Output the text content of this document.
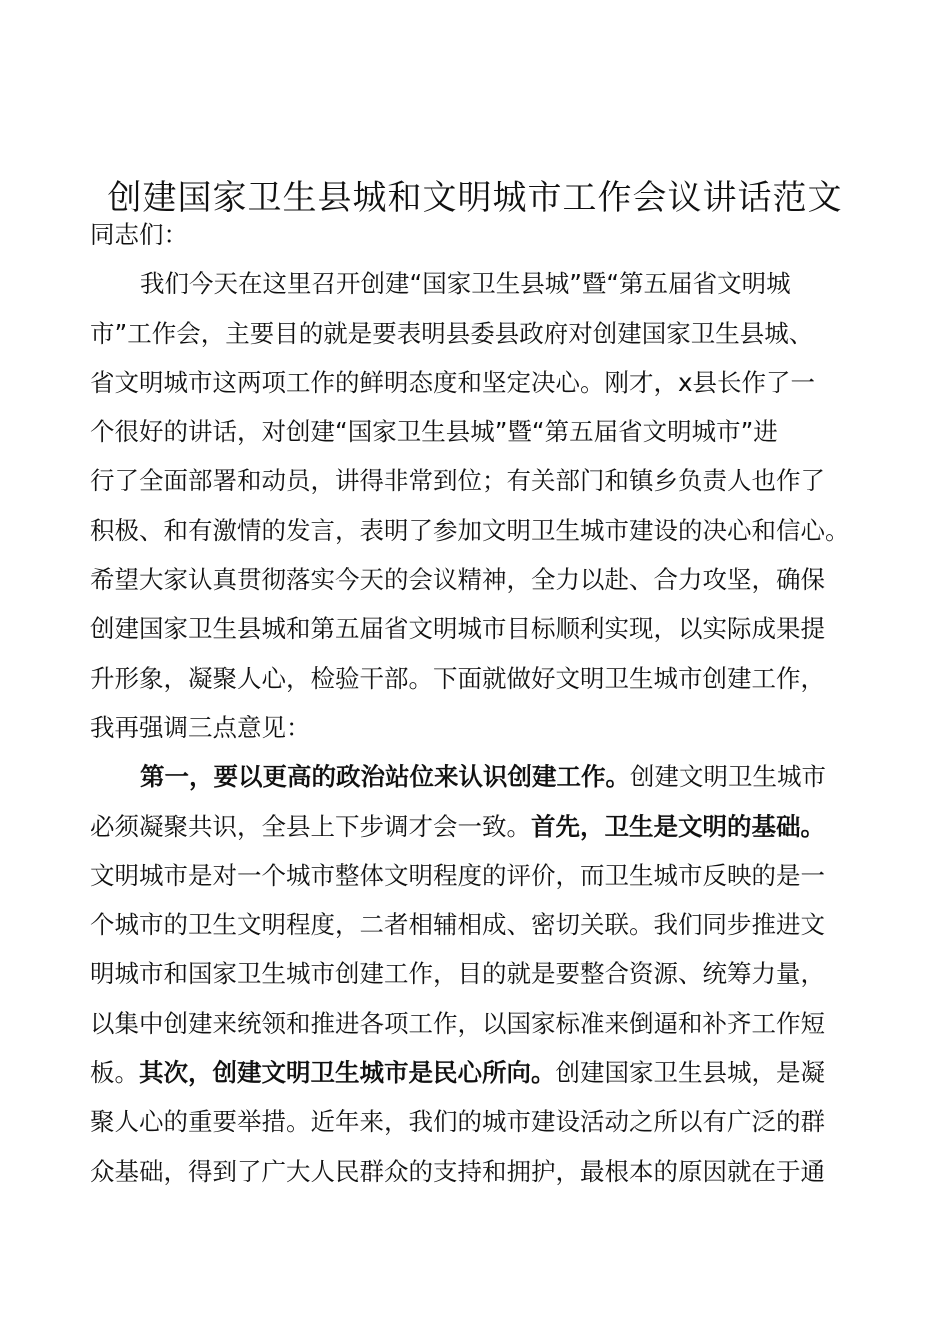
创建国家卫生县城和文明城市工作会议讲话范文
同志们：
我们今天在这里召开创建“国家卫生县城”暨“第五届省文明城
市”工作会，主要目的就是要表明县委县政府对创建国家卫生县城、
省文明城市这两项工作的鲜明态度和坚定决心。刚才，x县长作了一
个很好的讲话，对创建“国家卫生县城”暨“第五届省文明城市”进
行了全面部署和动员，讲得非常到位；有关部门和镇乡负责人也作了
积极、和有激情的发言，表明了参加文明卫生城市建设的决心和信心。
希望大家认真贯彻落实今天的会议精神，全力以赴、合力攻坚，确保
创建国家卫生县城和第五届省文明城市目标顺利实现，以实际成果提
升形象，凝聚人心，检验干部。下面就做好文明卫生城市创建工作，
我再强调三点意见：
第一，要以更高的政治站位来认识创建工作。创建文明卫生城市
必须凝聚共识，全县上下步调才会一致。首先，卫生是文明的基础。
文明城市是对一个城市整体文明程度的评价，而卫生城市反映的是一
个城市的卫生文明程度，二者相辅相成、密切关联。我们同步推进文
明城市和国家卫生城市创建工作，目的就是要整合资源、统筹力量，
以集中创建来统领和推进各项工作，以国家标准来倒逼和补齐工作短
板。其次，创建文明卫生城市是民心所向。创建国家卫生县城，是凝
聚人心的重要举措。近年来，我们的城市建设活动之所以有广泛的群
众基础，得到了广大人民群众的支持和拥护，最根本的原因就在于通
